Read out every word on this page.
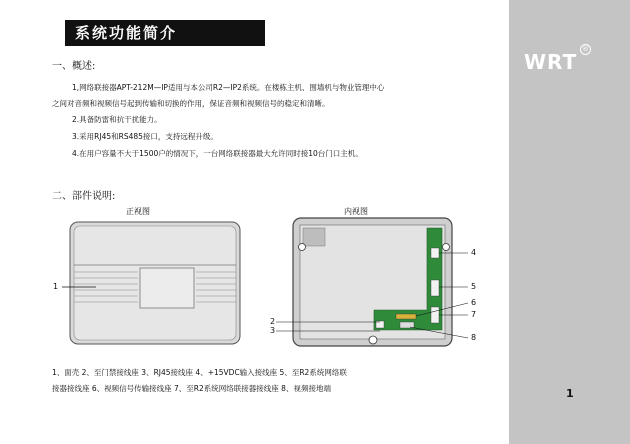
系统功能简介
一、概述:
1,网络联接器APT-212M—IP适用与本公司R2—IP2系统。在楼栋主机、围墙机与物业管理中心
之间对音频和视频信号起到传输和切换的作用，保证音频和视频信号的稳定和清晰。
2.具备防雷和抗干扰能力。
3.采用RJ45和RS485接口，支持远程升级。
4.在用户容量不大于1500户的情况下，一台网络联接器最大允许同时接10台门口主机。
二、部件说明:
正视图	内视图
1
2
3
4
5
6
7
8
1、面壳 2、至门禁接线座 3、RJ45接线座 4、+15VDC输入接线座 5、至R2系统网络联
接器接线座 6、视频信号传输接线座 7、至R2系统网络联接器接线座 8、视频接地端
WRT
®
1
